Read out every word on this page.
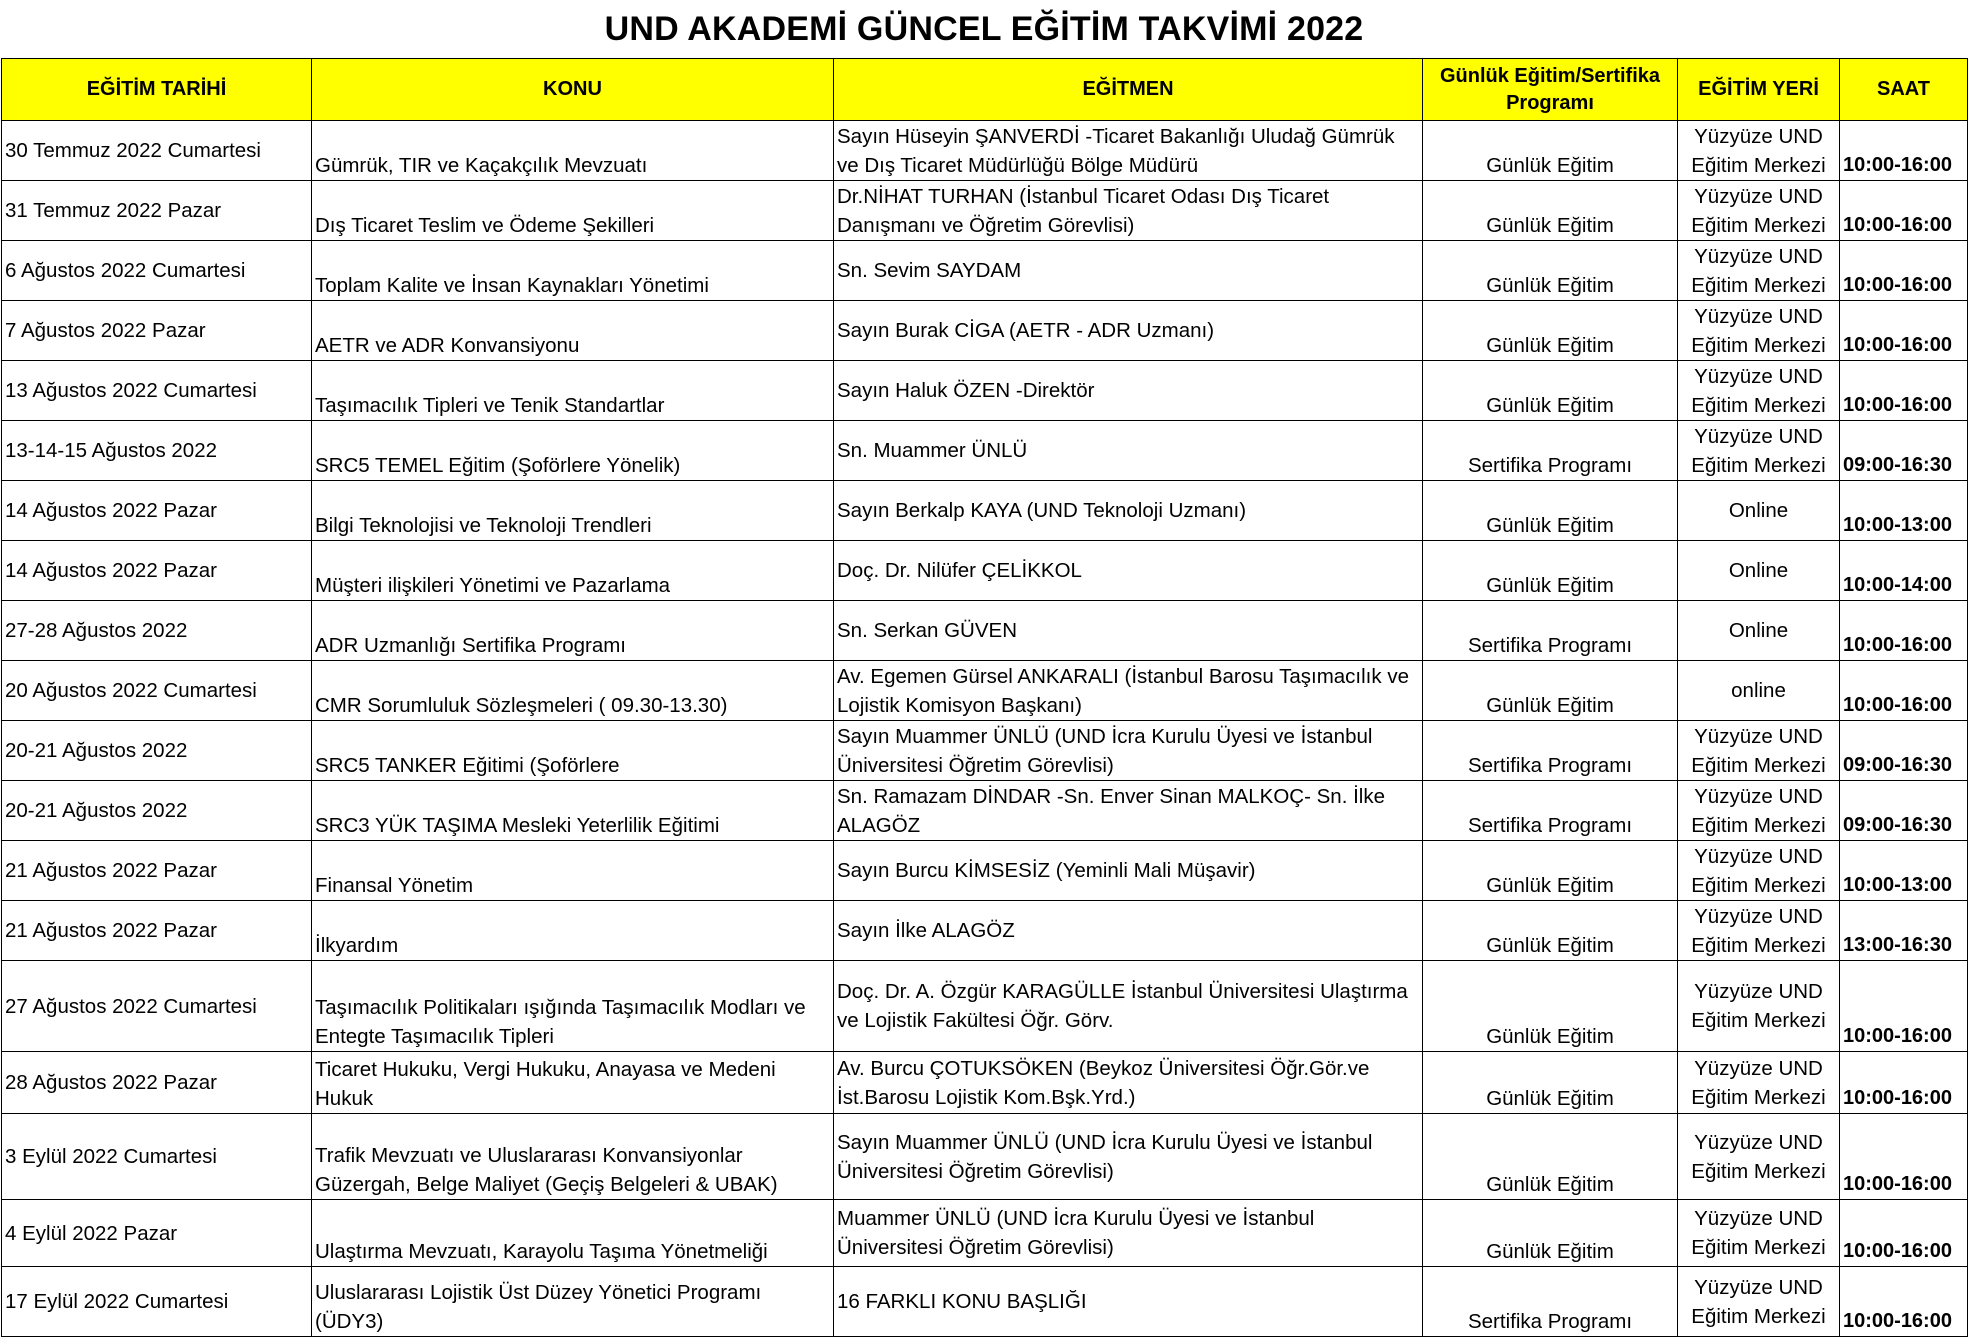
UND AKADEMİ GÜNCEL EĞİTİM TAKVİMİ 2022
EĞİTİM TARİHİ	KONU	EĞİTMEN	Günlük Eğitim/Sertifika Programı	EĞİTİM YERİ	SAAT
30 Temmuz 2022 Cumartesi	Gümrük, TIR ve Kaçakçılık Mevzuatı	Sayın Hüseyin ŞANVERDİ -Ticaret Bakanlığı Uludağ Gümrük ve Dış Ticaret Müdürlüğü Bölge Müdürü	Günlük Eğitim	Yüzyüze UND Eğitim Merkezi	10:00-16:00
31 Temmuz 2022 Pazar	Dış Ticaret Teslim ve Ödeme Şekilleri	Dr.NİHAT TURHAN (İstanbul Ticaret Odası Dış Ticaret Danışmanı ve Öğretim Görevlisi)	Günlük Eğitim	Yüzyüze UND Eğitim Merkezi	10:00-16:00
6 Ağustos 2022 Cumartesi	Toplam Kalite ve İnsan Kaynakları Yönetimi	Sn. Sevim SAYDAM	Günlük Eğitim	Yüzyüze UND Eğitim Merkezi	10:00-16:00
7 Ağustos 2022 Pazar	AETR ve ADR Konvansiyonu	Sayın Burak CİGA (AETR - ADR Uzmanı)	Günlük Eğitim	Yüzyüze UND Eğitim Merkezi	10:00-16:00
13 Ağustos 2022 Cumartesi	Taşımacılık Tipleri ve Tenik Standartlar	Sayın Haluk ÖZEN -Direktör	Günlük Eğitim	Yüzyüze UND Eğitim Merkezi	10:00-16:00
13-14-15 Ağustos 2022	SRC5 TEMEL Eğitim (Şoförlere Yönelik)	Sn. Muammer ÜNLÜ	Sertifika Programı	Yüzyüze UND Eğitim Merkezi	09:00-16:30
14 Ağustos 2022 Pazar	Bilgi Teknolojisi ve Teknoloji Trendleri	Sayın Berkalp KAYA (UND Teknoloji Uzmanı)	Günlük Eğitim	Online	10:00-13:00
14 Ağustos 2022 Pazar	Müşteri ilişkileri Yönetimi ve Pazarlama	Doç. Dr. Nilüfer ÇELİKKOL	Günlük Eğitim	Online	10:00-14:00
27-28 Ağustos 2022	ADR Uzmanlığı Sertifika Programı	Sn. Serkan GÜVEN	Sertifika Programı	Online	10:00-16:00
20 Ağustos 2022 Cumartesi	CMR Sorumluluk Sözleşmeleri ( 09.30-13.30)	Av. Egemen Gürsel ANKARALI (İstanbul Barosu Taşımacılık ve Lojistik Komisyon Başkanı)	Günlük Eğitim	online	10:00-16:00
20-21 Ağustos 2022	SRC5 TANKER Eğitimi (Şoförlere	Sayın Muammer ÜNLÜ (UND İcra Kurulu Üyesi ve İstanbul Üniversitesi Öğretim Görevlisi)	Sertifika Programı	Yüzyüze UND Eğitim Merkezi	09:00-16:30
20-21 Ağustos 2022	SRC3 YÜK TAŞIMA Mesleki Yeterlilik Eğitimi	Sn. Ramazam DİNDAR -Sn. Enver Sinan MALKOÇ- Sn. İlke ALAGÖZ	Sertifika Programı	Yüzyüze UND Eğitim Merkezi	09:00-16:30
21 Ağustos 2022 Pazar	Finansal Yönetim	Sayın Burcu KİMSESİZ (Yeminli Mali Müşavir)	Günlük Eğitim	Yüzyüze UND Eğitim Merkezi	10:00-13:00
21 Ağustos 2022 Pazar	İlkyardım	Sayın İlke ALAGÖZ	Günlük Eğitim	Yüzyüze UND Eğitim Merkezi	13:00-16:30
27 Ağustos 2022 Cumartesi	Taşımacılık Politikaları ışığında Taşımacılık Modları ve Entegte Taşımacılık Tipleri	Doç. Dr. A. Özgür KARAGÜLLE İstanbul Üniversitesi Ulaştırma ve Lojistik Fakültesi Öğr. Görv.	Günlük Eğitim	Yüzyüze UND Eğitim Merkezi	10:00-16:00
28 Ağustos 2022 Pazar	Ticaret Hukuku, Vergi Hukuku, Anayasa ve Medeni Hukuk	Av. Burcu ÇOTUKSÖKEN (Beykoz Üniversitesi Öğr.Gör.ve İst.Barosu Lojistik Kom.Bşk.Yrd.)	Günlük Eğitim	Yüzyüze UND Eğitim Merkezi	10:00-16:00
3 Eylül 2022 Cumartesi	Trafik Mevzuatı ve Uluslararası Konvansiyonlar Güzergah, Belge Maliyet (Geçiş Belgeleri & UBAK)	Sayın Muammer ÜNLÜ (UND İcra Kurulu Üyesi ve İstanbul Üniversitesi Öğretim Görevlisi)	Günlük Eğitim	Yüzyüze UND Eğitim Merkezi	10:00-16:00
4 Eylül 2022 Pazar	Ulaştırma Mevzuatı, Karayolu Taşıma Yönetmeliği	Muammer ÜNLÜ (UND İcra Kurulu Üyesi ve İstanbul Üniversitesi Öğretim Görevlisi)	Günlük Eğitim	Yüzyüze UND Eğitim Merkezi	10:00-16:00
17 Eylül 2022 Cumartesi	Uluslararası Lojistik Üst Düzey Yönetici Programı (ÜDY3)	16 FARKLI KONU BAŞLIĞI	Sertifika Programı	Yüzyüze UND Eğitim Merkezi	10:00-16:00
